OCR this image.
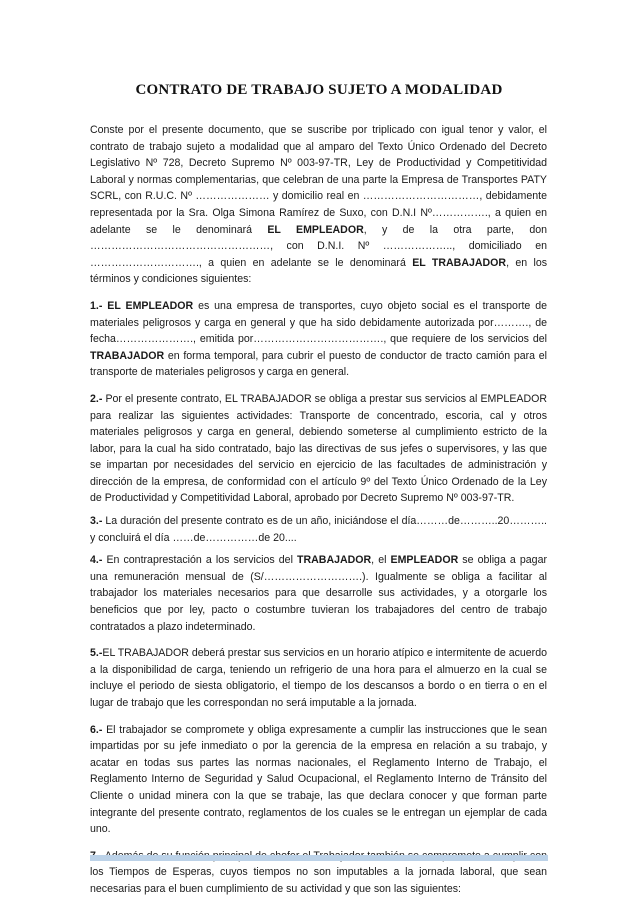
CONTRATO DE TRABAJO SUJETO A MODALIDAD

Conste por el presente documento, que se suscribe por triplicado con igual tenor y valor, el contrato de trabajo sujeto a modalidad que al amparo del Texto Único Ordenado del Decreto Legislativo Nº 728, Decreto Supremo Nº 003-97-TR, Ley de Productividad y Competitividad Laboral y normas complementarias, que celebran de una parte la Empresa de Transportes PATY SCRL, con R.U.C. Nº ………………… y domicilio real en ……………………………, debidamente representada por la Sra. Olga Simona Ramírez de Suxo, con D.N.I Nº……………., a quien en adelante se le denominará EL EMPLEADOR, y de la otra parte, don ……………………………………………, con D.N.I. Nº ……………….., domiciliado en …………………………., a quien en adelante se le denominará EL TRABAJADOR, en los términos y condiciones siguientes:

1.- EL EMPLEADOR es una empresa de transportes, cuyo objeto social es el transporte de materiales peligrosos y carga en general y que ha sido debidamente autorizada por………., de fecha…………………., emitida por………………………………., que requiere de los servicios del TRABAJADOR en forma temporal, para cubrir el puesto de conductor de tracto camión para el transporte de materiales peligrosos y carga en general.

2.- Por el presente contrato, EL TRABAJADOR se obliga a prestar sus servicios al EMPLEADOR para realizar las siguientes actividades: Transporte de concentrado, escoria, cal y otros materiales peligrosos y carga en general, debiendo someterse al cumplimiento estricto de la labor, para la cual ha sido contratado, bajo las directivas de sus jefes o supervisores, y las que se impartan por necesidades del servicio en ejercicio de las facultades de administración y dirección de la empresa, de conformidad con el artículo 9º del Texto Único Ordenado de la Ley de Productividad y Competitividad Laboral, aprobado por Decreto Supremo Nº 003-97-TR.

3.- La duración del presente contrato es de un año, iniciándose el día………de………..20……….. y concluirá el día ……de……………de 20....

4.- En contraprestación a los servicios del TRABAJADOR, el EMPLEADOR se obliga a pagar una remuneración mensual de (S/……………………….). Igualmente se obliga a facilitar al trabajador los materiales necesarios para que desarrolle sus actividades, y a otorgarle los beneficios que por ley, pacto o costumbre tuvieran los trabajadores del centro de trabajo contratados a plazo indeterminado.

5.-EL TRABAJADOR deberá prestar sus servicios en un horario atípico e intermitente de acuerdo a la disponibilidad de carga, teniendo un refrigerio de una hora para el almuerzo en la cual se incluye el periodo de siesta obligatorio, el tiempo de los descansos a bordo o en tierra o en el lugar de trabajo que les correspondan no será imputable a la jornada.

6.- El trabajador se compromete y obliga expresamente a cumplir las instrucciones que le sean impartidas por su jefe inmediato o por la gerencia de la empresa en relación a su trabajo, y acatar en todas sus partes las normas nacionales, el Reglamento Interno de Trabajo, el Reglamento Interno de Seguridad y Salud Ocupacional, el Reglamento Interno de Tránsito del Cliente o unidad minera con la que se trabaje, las que declara conocer y que forman parte integrante del presente contrato, reglamentos de los cuales se le entregan un ejemplar de cada uno.

los Tiempos de Esperas, cuyos tiempos no son imputables a la jornada laboral, que sean necesarias para el buen cumplimiento de su actividad y que son las siguientes:
